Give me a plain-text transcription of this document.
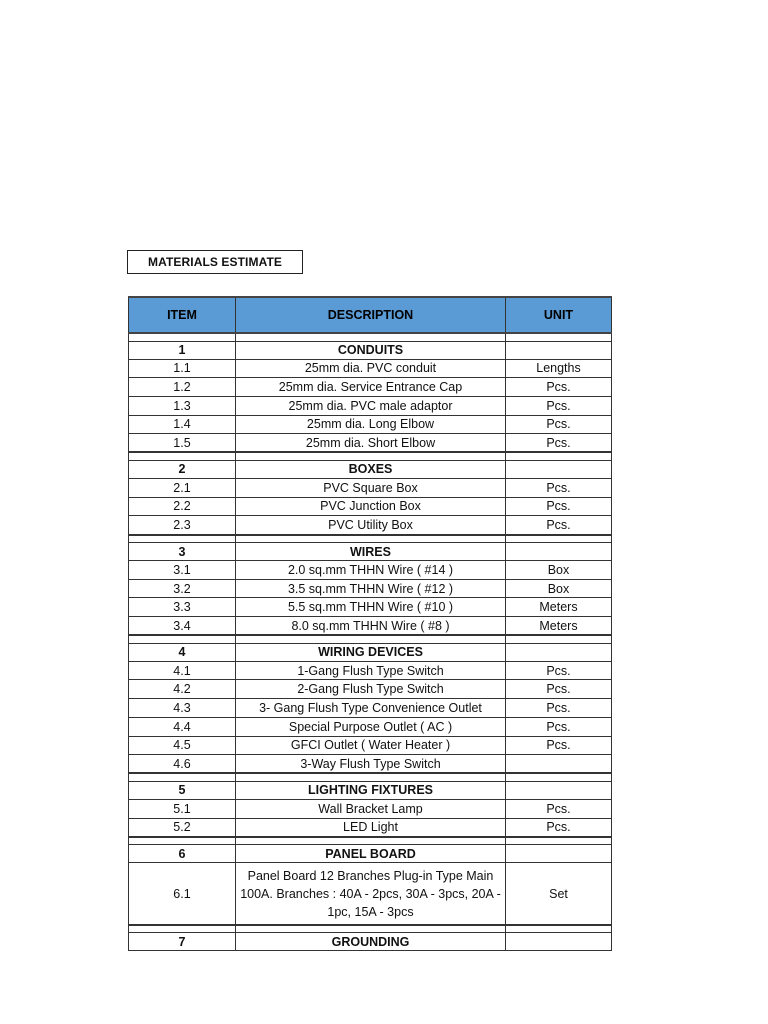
MATERIALS ESTIMATE
ITEM	DESCRIPTION	UNIT

1	CONDUITS	
1.1	25mm dia. PVC conduit	Lengths
1.2	25mm dia. Service Entrance Cap	Pcs.
1.3	25mm dia. PVC male adaptor	Pcs.
1.4	25mm dia. Long Elbow	Pcs.
1.5	25mm dia. Short Elbow	Pcs.

2	BOXES	
2.1	PVC Square Box	Pcs.
2.2	PVC Junction Box	Pcs.
2.3	PVC Utility Box	Pcs.

3	WIRES	
3.1	2.0 sq.mm THHN Wire ( #14 )	Box
3.2	3.5 sq.mm THHN Wire ( #12 )	Box
3.3	5.5 sq.mm THHN Wire ( #10 )	Meters
3.4	8.0 sq.mm THHN Wire ( #8 )	Meters

4	WIRING DEVICES	
4.1	1-Gang Flush Type Switch	Pcs.
4.2	2-Gang Flush Type Switch	Pcs.
4.3	3- Gang Flush Type Convenience Outlet	Pcs.
4.4	Special Purpose Outlet ( AC )	Pcs.
4.5	GFCI Outlet ( Water Heater )	Pcs.
4.6	3-Way Flush Type Switch	

5	LIGHTING FIXTURES	
5.1	Wall Bracket Lamp	Pcs.
5.2	LED Light	Pcs.

6	PANEL BOARD	
6.1	Panel Board 12 Branches Plug-in Type Main 100A. Branches : 40A - 2pcs, 30A - 3pcs, 20A - 1pc, 15A - 3pcs	Set

7	GROUNDING	
